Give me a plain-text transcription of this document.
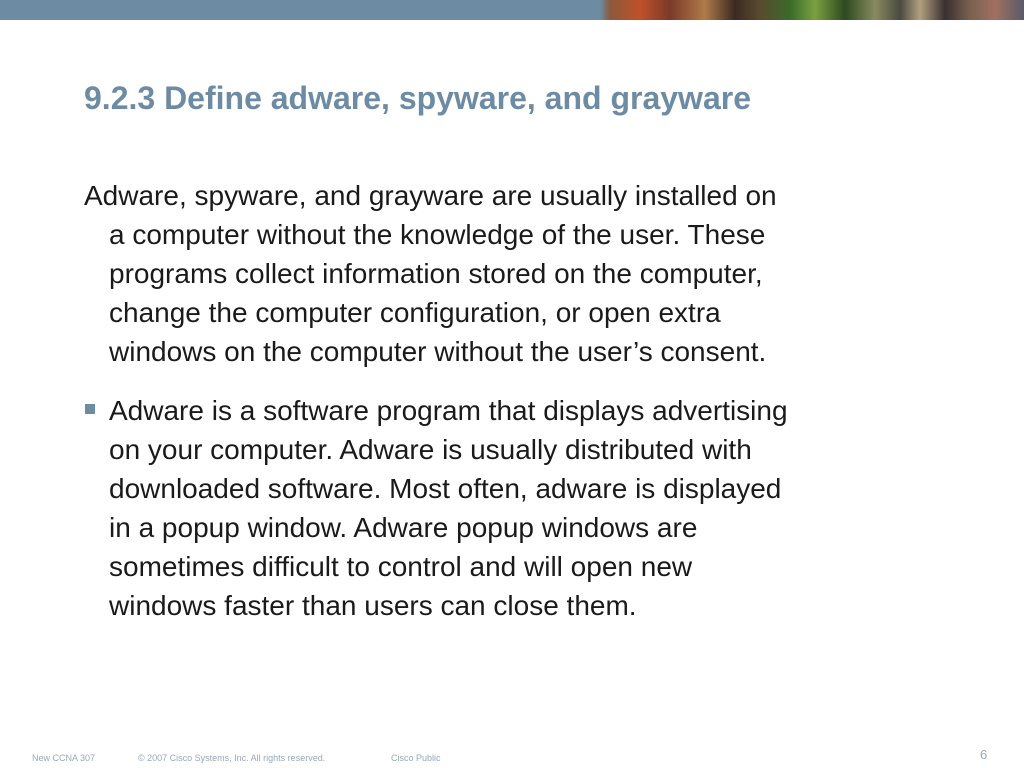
9.2.3 Define adware, spyware, and grayware
Adware, spyware, and grayware are usually installed on
a computer without the knowledge of the user. These
programs collect information stored on the computer,
change the computer configuration, or open extra
windows on the computer without the user’s consent.
Adware is a software program that displays advertising
on your computer. Adware is usually distributed with
downloaded software. Most often, adware is displayed
in a popup window. Adware popup windows are
sometimes difficult to control and will open new
windows faster than users can close them.
New CCNA 307	© 2007 Cisco Systems, Inc. All rights reserved.	Cisco Public	6
